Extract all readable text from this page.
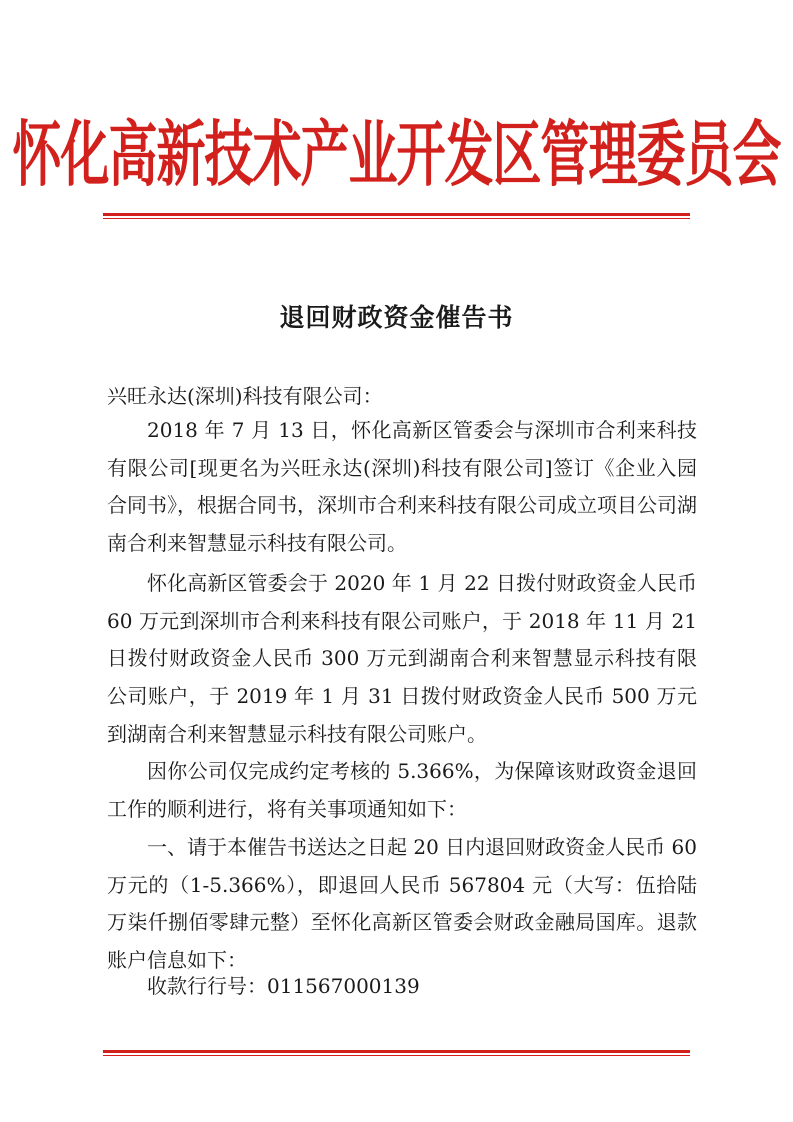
怀化高新技术产业开发区管理委员会
退回财政资金催告书
兴旺永达(深圳)科技有限公司：
2018 年 7 月 13 日，怀化高新区管委会与深圳市合利来科技有限公司[现更名为兴旺永达(深圳)科技有限公司]签订《企业入园合同书》，根据合同书，深圳市合利来科技有限公司成立项目公司湖南合利来智慧显示科技有限公司。
怀化高新区管委会于 2020 年 1 月 22 日拨付财政资金人民币 60 万元到深圳市合利来科技有限公司账户，于 2018 年 11 月 21 日拨付财政资金人民币 300 万元到湖南合利来智慧显示科技有限公司账户，于 2019 年 1 月 31 日拨付财政资金人民币 500 万元到湖南合利来智慧显示科技有限公司账户。
因你公司仅完成约定考核的 5.366%，为保障该财政资金退回工作的顺利进行，将有关事项通知如下：
一、请于本催告书送达之日起 20 日内退回财政资金人民币 60 万元的（1-5.366%），即退回人民币 567804 元（大写：伍拾陆万柒仟捌佰零肆元整）至怀化高新区管委会财政金融局国库。退款账户信息如下：
收款行行号：011567000139
